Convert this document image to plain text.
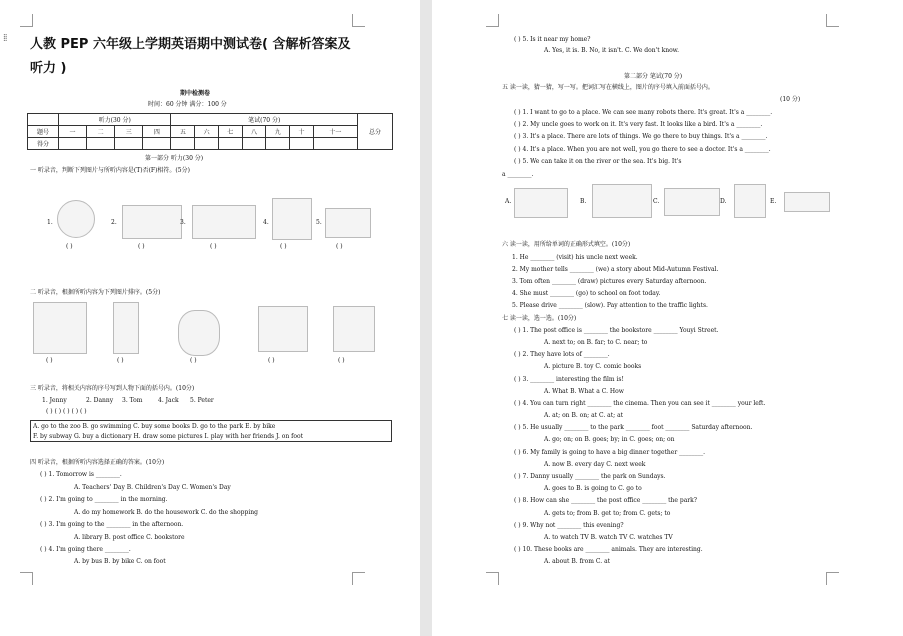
⁞⁞ 人教 PEP 六年级上学期英语期中测试卷( 含解析答案及
听力 )
期中检测卷
时间：60 分钟 满分：100 分
	听力(30 分)				笔试(70 分)							总分
题号	一	二	三	四	五	六	七	八	九	十	十一	
得分												
第一部分 听力(30 分)
一 听录音，判断下列图片与所听内容是(T)否(F)相符。(5分)
1.	2.	3.	4.	5.
( )	( )	( )	( )	( )
二 听录音，根据所听内容为下列图片排序。(5分)
( )	( )	( )	( )	( )
三 听录音，将相关内容的序号写到人物下面的括号内。(10分)
1. Jenny	2. Danny 3. Tom	4. Jack 5. Peter
( ) ( ) ( ) ( ) ( )
A. go to the zoo B. go swimming C. buy some books D. go to the park E. by bike
F. by subway G. buy a dictionary H. draw some pictures I. play with her friends J. on foot
四 听录音，根据所听内容选择正确的答案。(10分)
( ) 1. Tomorrow is ________.
A. Teachers' Day B. Children's Day C. Women's Day
( ) 2. I'm going to ________ in the morning.
A. do my homework B. do the housework C. do the shopping
( ) 3. I'm going to the ________ in the afternoon.
A. library B. post office C. bookstore
( ) 4. I'm going there ________.
A. by bus B. by bike C. on foot
( ) 5. Is it near my home?
A. Yes, it is. B. No, it isn't. C. We don't know.
第二部分 笔试(70 分)
五 读一读，猜一猜，写一写。把词汇写在横线上，图片的序号填入前面括号内。
(10 分)
( ) 1. I want to go to a place. We can see many robots there. It's great. It's a ________.
( ) 2. My uncle goes to work on it. It's very fast. It looks like a bird. It's a ________.
( ) 3. It's a place. There are lots of things. We go there to buy things. It's a ________.
( ) 4. It's a place. When you are not well, you go there to see a doctor. It's a ________.
( ) 5. We can take it on the river or the sea. It's big. It's
a ________.
A.	B.	C.	D.	E.
六 读一读，用所给单词的正确形式填空。(10分)
1. He ________ (visit) his uncle next week.
2. My mother tells ________ (we) a story about Mid-Autumn Festival.
3. Tom often ________ (draw) pictures every Saturday afternoon.
4. She must ________ (go) to school on foot today.
5. Please drive ________ (slow). Pay attention to the traffic lights.
七 读一读，选一选。(10分)
( ) 1. The post office is ________ the bookstore ________ Youyi Street.
A. next to; on B. far; to C. near; to
( ) 2. They have lots of ________.
A. picture B. toy C. comic books
( ) 3. ________ interesting the film is!
A. What B. What a C. How
( ) 4. You can turn right ________ the cinema. Then you can see it ________ your left.
A. at; on B. on; at C. at; at
( ) 5. He usually ________ to the park ________ foot ________ Saturday afternoon.
A. go; on; on B. goes; by; in C. goes; on; on
( ) 6. My family is going to have a big dinner together ________.
A. now B. every day C. next week
( ) 7. Danny usually ________ the park on Sundays.
A. goes to B. is going to C. go to
( ) 8. How can she ________ the post office ________ the park?
A. gets to; from B. get to; from C. gets; to
( ) 9. Why not ________ this evening?
A. to watch TV B. watch TV C. watches TV
( ) 10. These books are ________ animals. They are interesting.
A. about B. from C. at
